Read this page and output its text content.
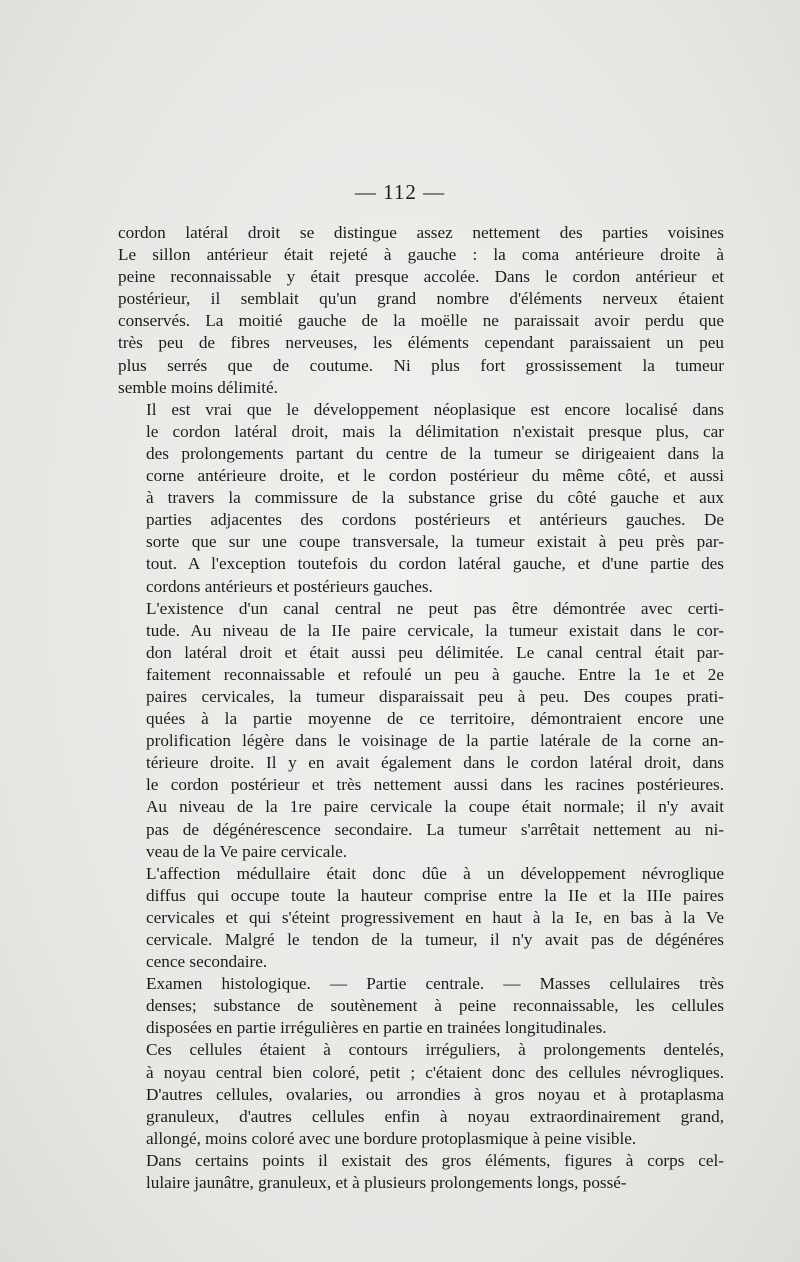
— 112 —

cordon latéral droit se distingue assez nettement des parties voisines
Le sillon antérieur était rejeté à gauche : la coma antérieure droite à
peine reconnaissable y était presque accolée. Dans le cordon antérieur et
postérieur, il semblait qu'un grand nombre d'éléments nerveux étaient
conservés. La moitié gauche de la moëlle ne paraissait avoir perdu que
très peu de fibres nerveuses, les éléments cependant paraissaient un peu
plus serrés que de coutume. Ni plus fort grossissement la tumeur
semble moins délimité.

Il est vrai que le développement néoplasique est encore localisé dans
le cordon latéral droit, mais la délimitation n'existait presque plus, car
des prolongements partant du centre de la tumeur se dirigeaient dans la
corne antérieure droite, et le cordon postérieur du même côté, et aussi
à travers la commissure de la substance grise du côté gauche et aux
parties adjacentes des cordons postérieurs et antérieurs gauches. De
sorte que sur une coupe transversale, la tumeur existait à peu près par-
tout. A l'exception toutefois du cordon latéral gauche, et d'une partie des
cordons antérieurs et postérieurs gauches.

L'existence d'un canal central ne peut pas être démontrée avec certi-
tude. Au niveau de la IIe paire cervicale, la tumeur existait dans le cor-
don latéral droit et était aussi peu délimitée. Le canal central était par-
faitement reconnaissable et refoulé un peu à gauche. Entre la 1e et 2e
paires cervicales, la tumeur disparaissait peu à peu. Des coupes prati-
quées à la partie moyenne de ce territoire, démontraient encore une
prolification légère dans le voisinage de la partie latérale de la corne an-
térieure droite. Il y en avait également dans le cordon latéral droit, dans
le cordon postérieur et très nettement aussi dans les racines postérieures.
Au niveau de la 1re paire cervicale la coupe était normale; il n'y avait
pas de dégénérescence secondaire. La tumeur s'arrêtait nettement au ni-
veau de la Ve paire cervicale.

L'affection médullaire était donc dûe à un développement névroglique
diffus qui occupe toute la hauteur comprise entre la IIe et la IIIe paires
cervicales et qui s'éteint progressivement en haut à la Ie, en bas à la Ve
cervicale. Malgré le tendon de la tumeur, il n'y avait pas de dégénéres
cence secondaire.

Examen histologique. — Partie centrale. — Masses cellulaires très
denses; substance de soutènement à peine reconnaissable, les cellules
disposées en partie irrégulières en partie en trainées longitudinales.

Ces cellules étaient à contours irréguliers, à prolongements dentelés,
à noyau central bien coloré, petit ; c'étaient donc des cellules névrogliques.
D'autres cellules, ovalaries, ou arrondies à gros noyau et à protaplasma
granuleux, d'autres cellules enfin à noyau extraordinairement grand,
allongé, moins coloré avec une bordure protoplasmique à peine visible.

Dans certains points il existait des gros éléments, figures à corps cel-
lulaire jaunâtre, granuleux, et à plusieurs prolongements longs, possé-
